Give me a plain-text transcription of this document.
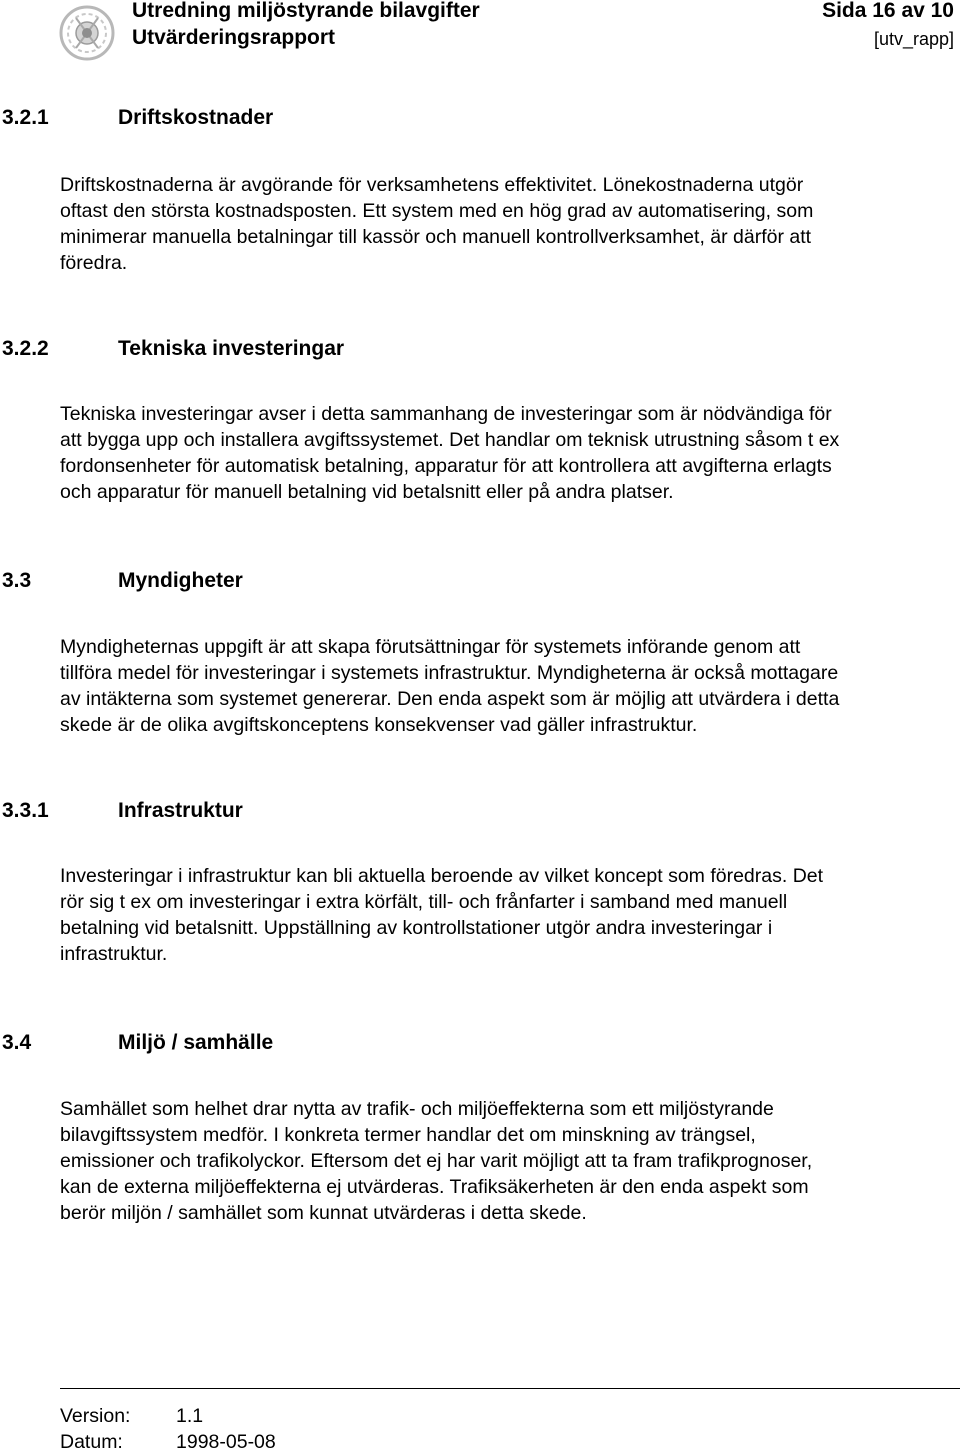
Utredning miljöstyrande bilavgifter
Utvärderingsrapport
Sida 16 av 10
[utv_rapp]
3.2.1	Driftskostnader

Driftskostnaderna är avgörande för verksamhetens effektivitet. Lönekostnaderna utgör
oftast den största kostnadsposten. Ett system med en hög grad av automatisering, som
minimerar manuella betalningar till kassör och manuell kontrollverksamhet, är därför att
föredra.

3.2.2	Tekniska investeringar

Tekniska investeringar avser i detta sammanhang de investeringar som är nödvändiga för
att bygga upp och installera avgiftssystemet. Det handlar om teknisk utrustning såsom t ex
fordonsenheter för automatisk betalning, apparatur för att kontrollera att avgifterna erlagts
och apparatur för manuell betalning vid betalsnitt eller på andra platser.

3.3	Myndigheter

Myndigheternas uppgift är att skapa förutsättningar för systemets införande genom att
tillföra medel för investeringar i systemets infrastruktur. Myndigheterna är också mottagare
av intäkterna som systemet genererar. Den enda aspekt som är möjlig att utvärdera i detta
skede är de olika avgiftskonceptens konsekvenser vad gäller infrastruktur.

3.3.1	Infrastruktur

Investeringar i infrastruktur kan bli aktuella beroende av vilket koncept som föredras. Det
rör sig t ex om investeringar i extra körfält, till- och frånfarter i samband med manuell
betalning vid betalsnitt. Uppställning av kontrollstationer utgör andra investeringar i
infrastruktur.

3.4	Miljö / samhälle

Samhället som helhet drar nytta av trafik- och miljöeffekterna som ett miljöstyrande
bilavgiftssystem medför. I konkreta termer handlar det om minskning av trängsel,
emissioner och trafikolyckor. Eftersom det ej har varit möjligt att ta fram trafikprognoser,
kan de externa miljöeffekterna ej utvärderas. Trafiksäkerheten är den enda aspekt som
berör miljön / samhället som kunnat utvärderas i detta skede.

Version: 1.1
Datum:	1998-05-08
